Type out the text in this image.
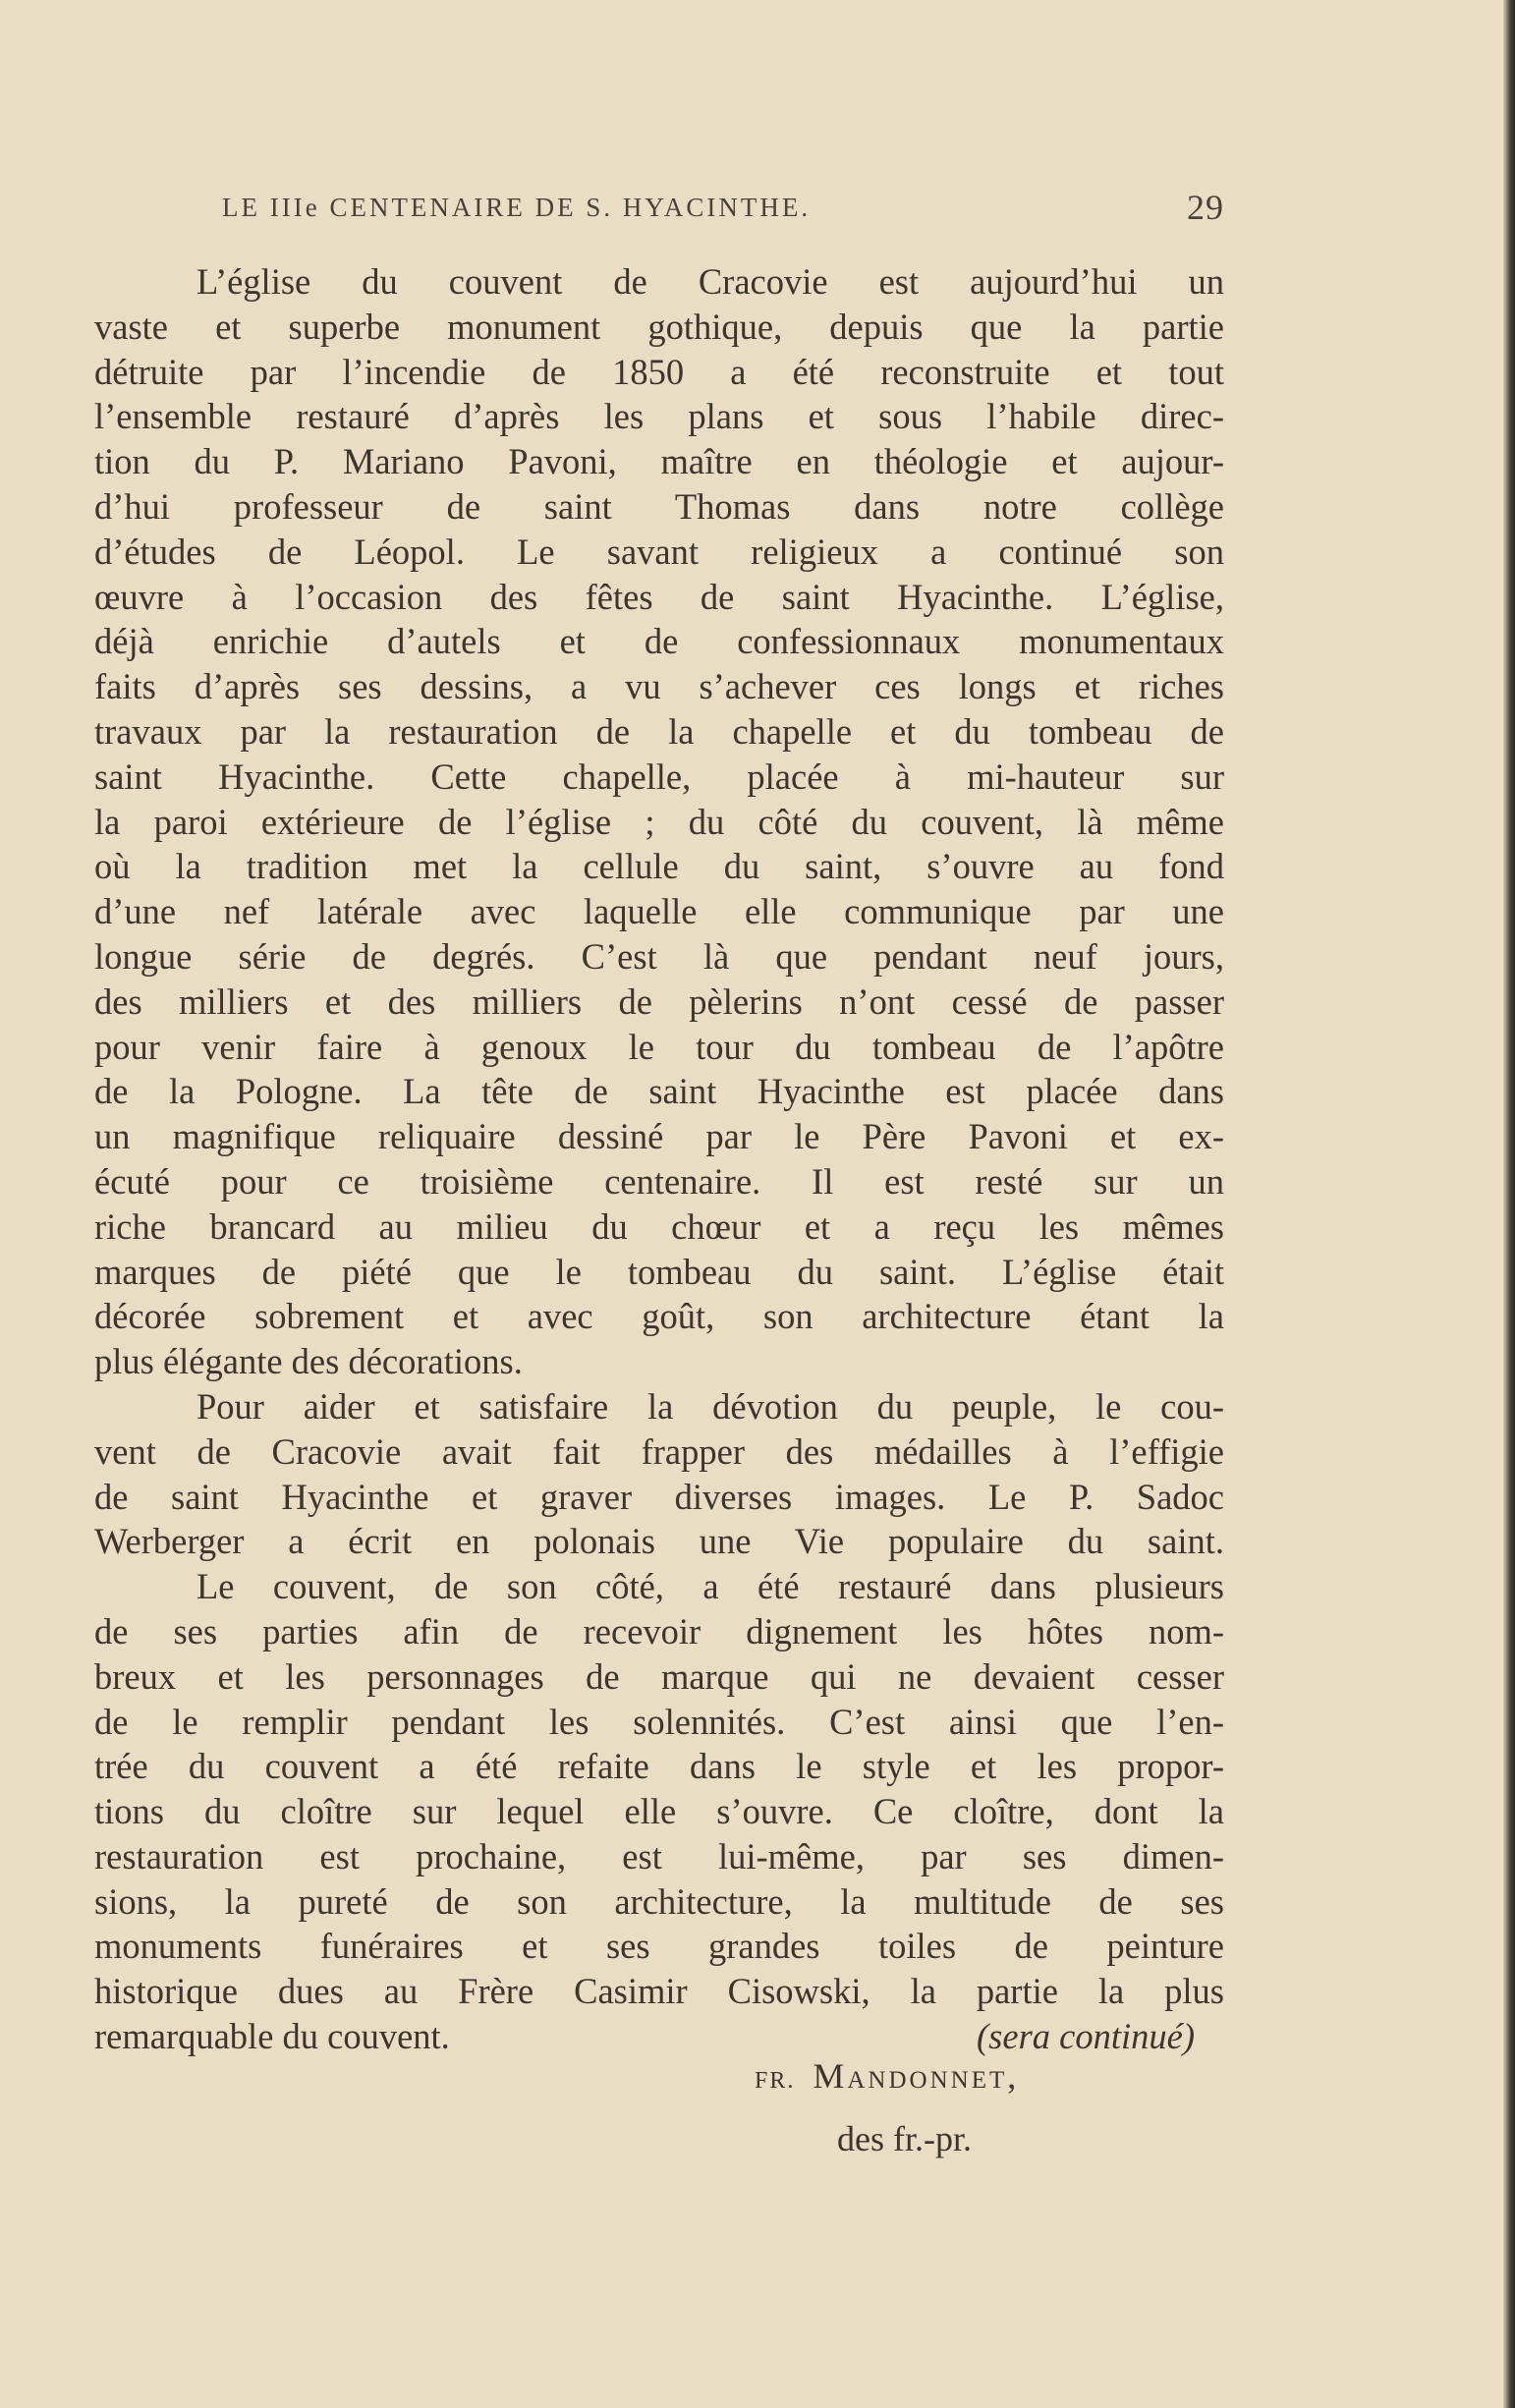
LE IIIe CENTENAIRE DE S. HYACINTHE.	29
L’église du couvent de Cracovie est aujourd’hui un
vaste et superbe monument gothique, depuis que la partie
détruite par l’incendie de 1850 a été reconstruite et tout
l’ensemble restauré d’après les plans et sous l’habile direc-
tion du P. Mariano Pavoni, maître en théologie et aujour-
d’hui professeur de saint Thomas dans notre collège
d’études de Léopol. Le savant religieux a continué son
œuvre à l’occasion des fêtes de saint Hyacinthe. L’église,
déjà enrichie d’autels et de confessionnaux monumentaux
faits d’après ses dessins, a vu s’achever ces longs et riches
travaux par la restauration de la chapelle et du tombeau de
saint Hyacinthe. Cette chapelle, placée à mi-hauteur sur
la paroi extérieure de l’église ; du côté du couvent, là même
où la tradition met la cellule du saint, s’ouvre au fond
d’une nef latérale avec laquelle elle communique par une
longue série de degrés. C’est là que pendant neuf jours,
des milliers et des milliers de pèlerins n’ont cessé de passer
pour venir faire à genoux le tour du tombeau de l’apôtre
de la Pologne. La tête de saint Hyacinthe est placée dans
un magnifique reliquaire dessiné par le Père Pavoni et ex-
écuté pour ce troisième centenaire. Il est resté sur un
riche brancard au milieu du chœur et a reçu les mêmes
marques de piété que le tombeau du saint. L’église était
décorée sobrement et avec goût, son architecture étant la
plus élégante des décorations.
Pour aider et satisfaire la dévotion du peuple, le cou-
vent de Cracovie avait fait frapper des médailles à l’effigie
de saint Hyacinthe et graver diverses images. Le P. Sadoc
Werberger a écrit en polonais une Vie populaire du saint.
Le couvent, de son côté, a été restauré dans plusieurs
de ses parties afin de recevoir dignement les hôtes nom-
breux et les personnages de marque qui ne devaient cesser
de le remplir pendant les solennités. C’est ainsi que l’en-
trée du couvent a été refaite dans le style et les propor-
tions du cloître sur lequel elle s’ouvre. Ce cloître, dont la
restauration est prochaine, est lui-même, par ses dimen-
sions, la pureté de son architecture, la multitude de ses
monuments funéraires et ses grandes toiles de peinture
historique dues au Frère Casimir Cisowski, la partie la plus
remarquable du couvent.	(sera continué)
FR. Mandonnet,
des fr.-pr.
